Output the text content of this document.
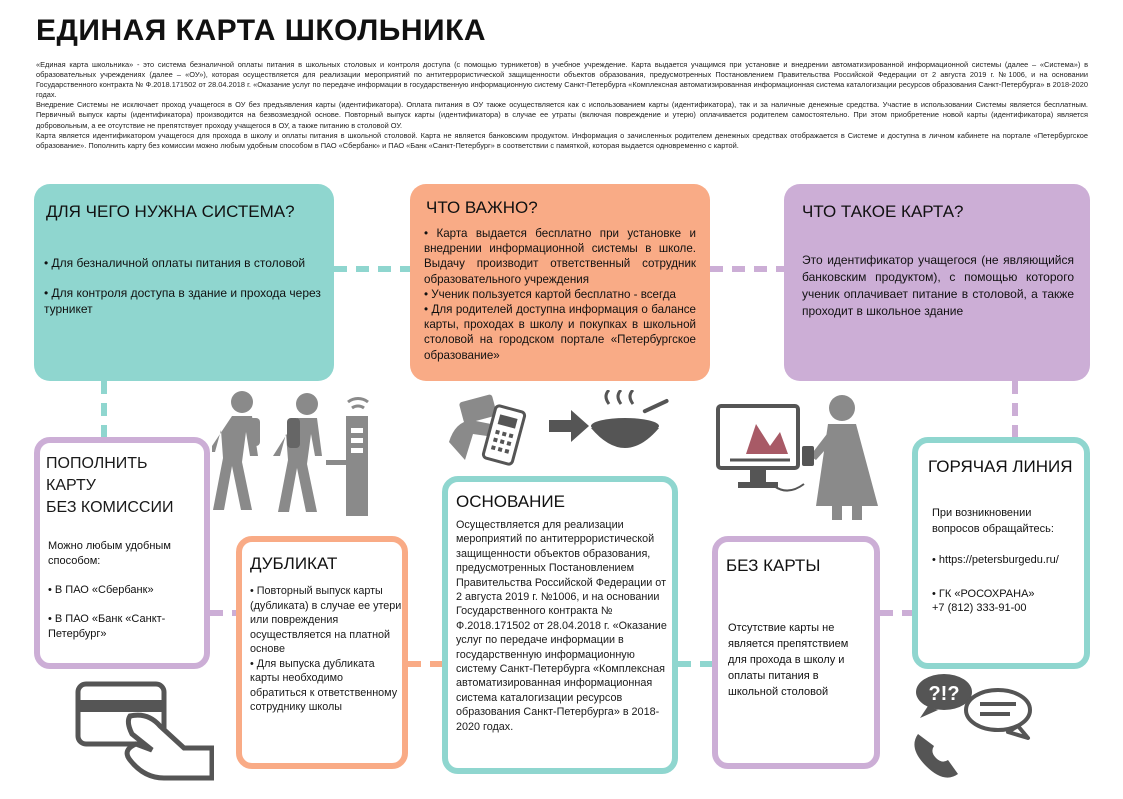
ЕДИНАЯ КАРТА ШКОЛЬНИКА

«Единая карта школьника» - это система безналичной оплаты питания в школьных столовых и контроля доступа (с помощью турникетов) в учебное учреждение. Карта выдается учащимся при установке и внедрении автоматизированной информационной системы (далее – «Система») в образовательных учреждениях (далее – «ОУ»), которая осуществляется для реализации мероприятий по антитеррористической защищенности объектов образования, предусмотренных Постановлением Правительства Российской Федерации от 2 августа 2019 г. №1006, и на основании Государственного контракта № Ф.2018.171502 от 28.04.2018 г. «Оказание услуг по передаче информации в государственную информационную систему Санкт-Петербурга «Комплексная автоматизированная информационная система каталогизации ресурсов образования Санкт-Петербурга» в 2018-2020 годах.

Внедрение Системы не исключает проход учащегося в ОУ без предъявления карты (идентификатора). Оплата питания в ОУ также осуществляется как с использованием карты (идентификатора), так и за наличные денежные средства. Участие в использовании Системы является бесплатным. Первичный выпуск карты (идентификатора) производится на безвозмездной основе. Повторный выпуск карты (идентификатора) в случае ее утраты (включая повреждение и утерю) оплачивается родителем самостоятельно. При этом приобретение новой карты (идентификатора) является добровольным, а ее отсутствие не препятствует проходу учащегося в ОУ, а также питанию в столовой ОУ.

Карта является идентификатором учащегося для прохода в школу и оплаты питания в школьной столовой. Карта не является банковским продуктом. Информация о зачисленных родителем денежных средствах отображается в Системе и доступна в личном кабинете на портале «Петербургское образование». Пополнить карту без комиссии можно любым удобным способом в ПАО «Сбербанк» и ПАО «Банк «Санкт-Петербург» в соответствии с памяткой, которая выдается одновременно с картой.

ДЛЯ ЧЕГО НУЖНА СИСТЕМА?
• Для безналичной оплаты питания в столовой
• Для контроля доступа в здание и прохода через турникет
ЧТО ВАЖНО?
• Карта выдается бесплатно при установке и внедрении информационной системы в школе. Выдачу производит ответственный сотрудник образовательного учреждения
• Ученик пользуется картой бесплатно - всегда
• Для родителей доступна информация о балансе карты, проходах в школу и покупках в школьной столовой на городском портале «Петербургское образование»
ЧТО ТАКОЕ КАРТА?
Это идентификатор учащегося (не являющийся банковским продуктом), с помощью которого ученик оплачивает питание в столовой, а также проходит в школьное здание
ПОПОЛНИТЬ
КАРТУ
БЕЗ КОМИССИИ
Можно любым удобным способом:
• В ПАО «Сбербанк»
• В ПАО «Банк «Санкт-Петербург»
ДУБЛИКАТ
• Повторный выпуск карты (дубликата) в случае ее утери или повреждения осуществляется на платной основе
• Для выпуска дубликата карты необходимо обратиться к ответственному сотруднику школы
ОСНОВАНИЕ
Осуществляется для реализации мероприятий по антитеррористической защищенности объектов образования, предусмотренных Постановлением Правительства Российской Федерации от 2 августа 2019 г. №1006, и на основании Государственного контракта № Ф.2018.171502 от 28.04.2018 г. «Оказание услуг по передаче информации в государственную информационную систему Санкт-Петербурга «Комплексная автоматизированная информационная система каталогизации ресурсов образования Санкт-Петербурга» в 2018-2020 годах.
БЕЗ КАРТЫ
Отсутствие карты не является препятствием для прохода в школу и оплаты питания в школьной столовой
ГОРЯЧАЯ ЛИНИЯ
При возникновении вопросов обращайтесь:
• https://petersburgedu.ru/
• ГК «РОСОХРАНА»
+7 (812) 333-91-00
?!?
